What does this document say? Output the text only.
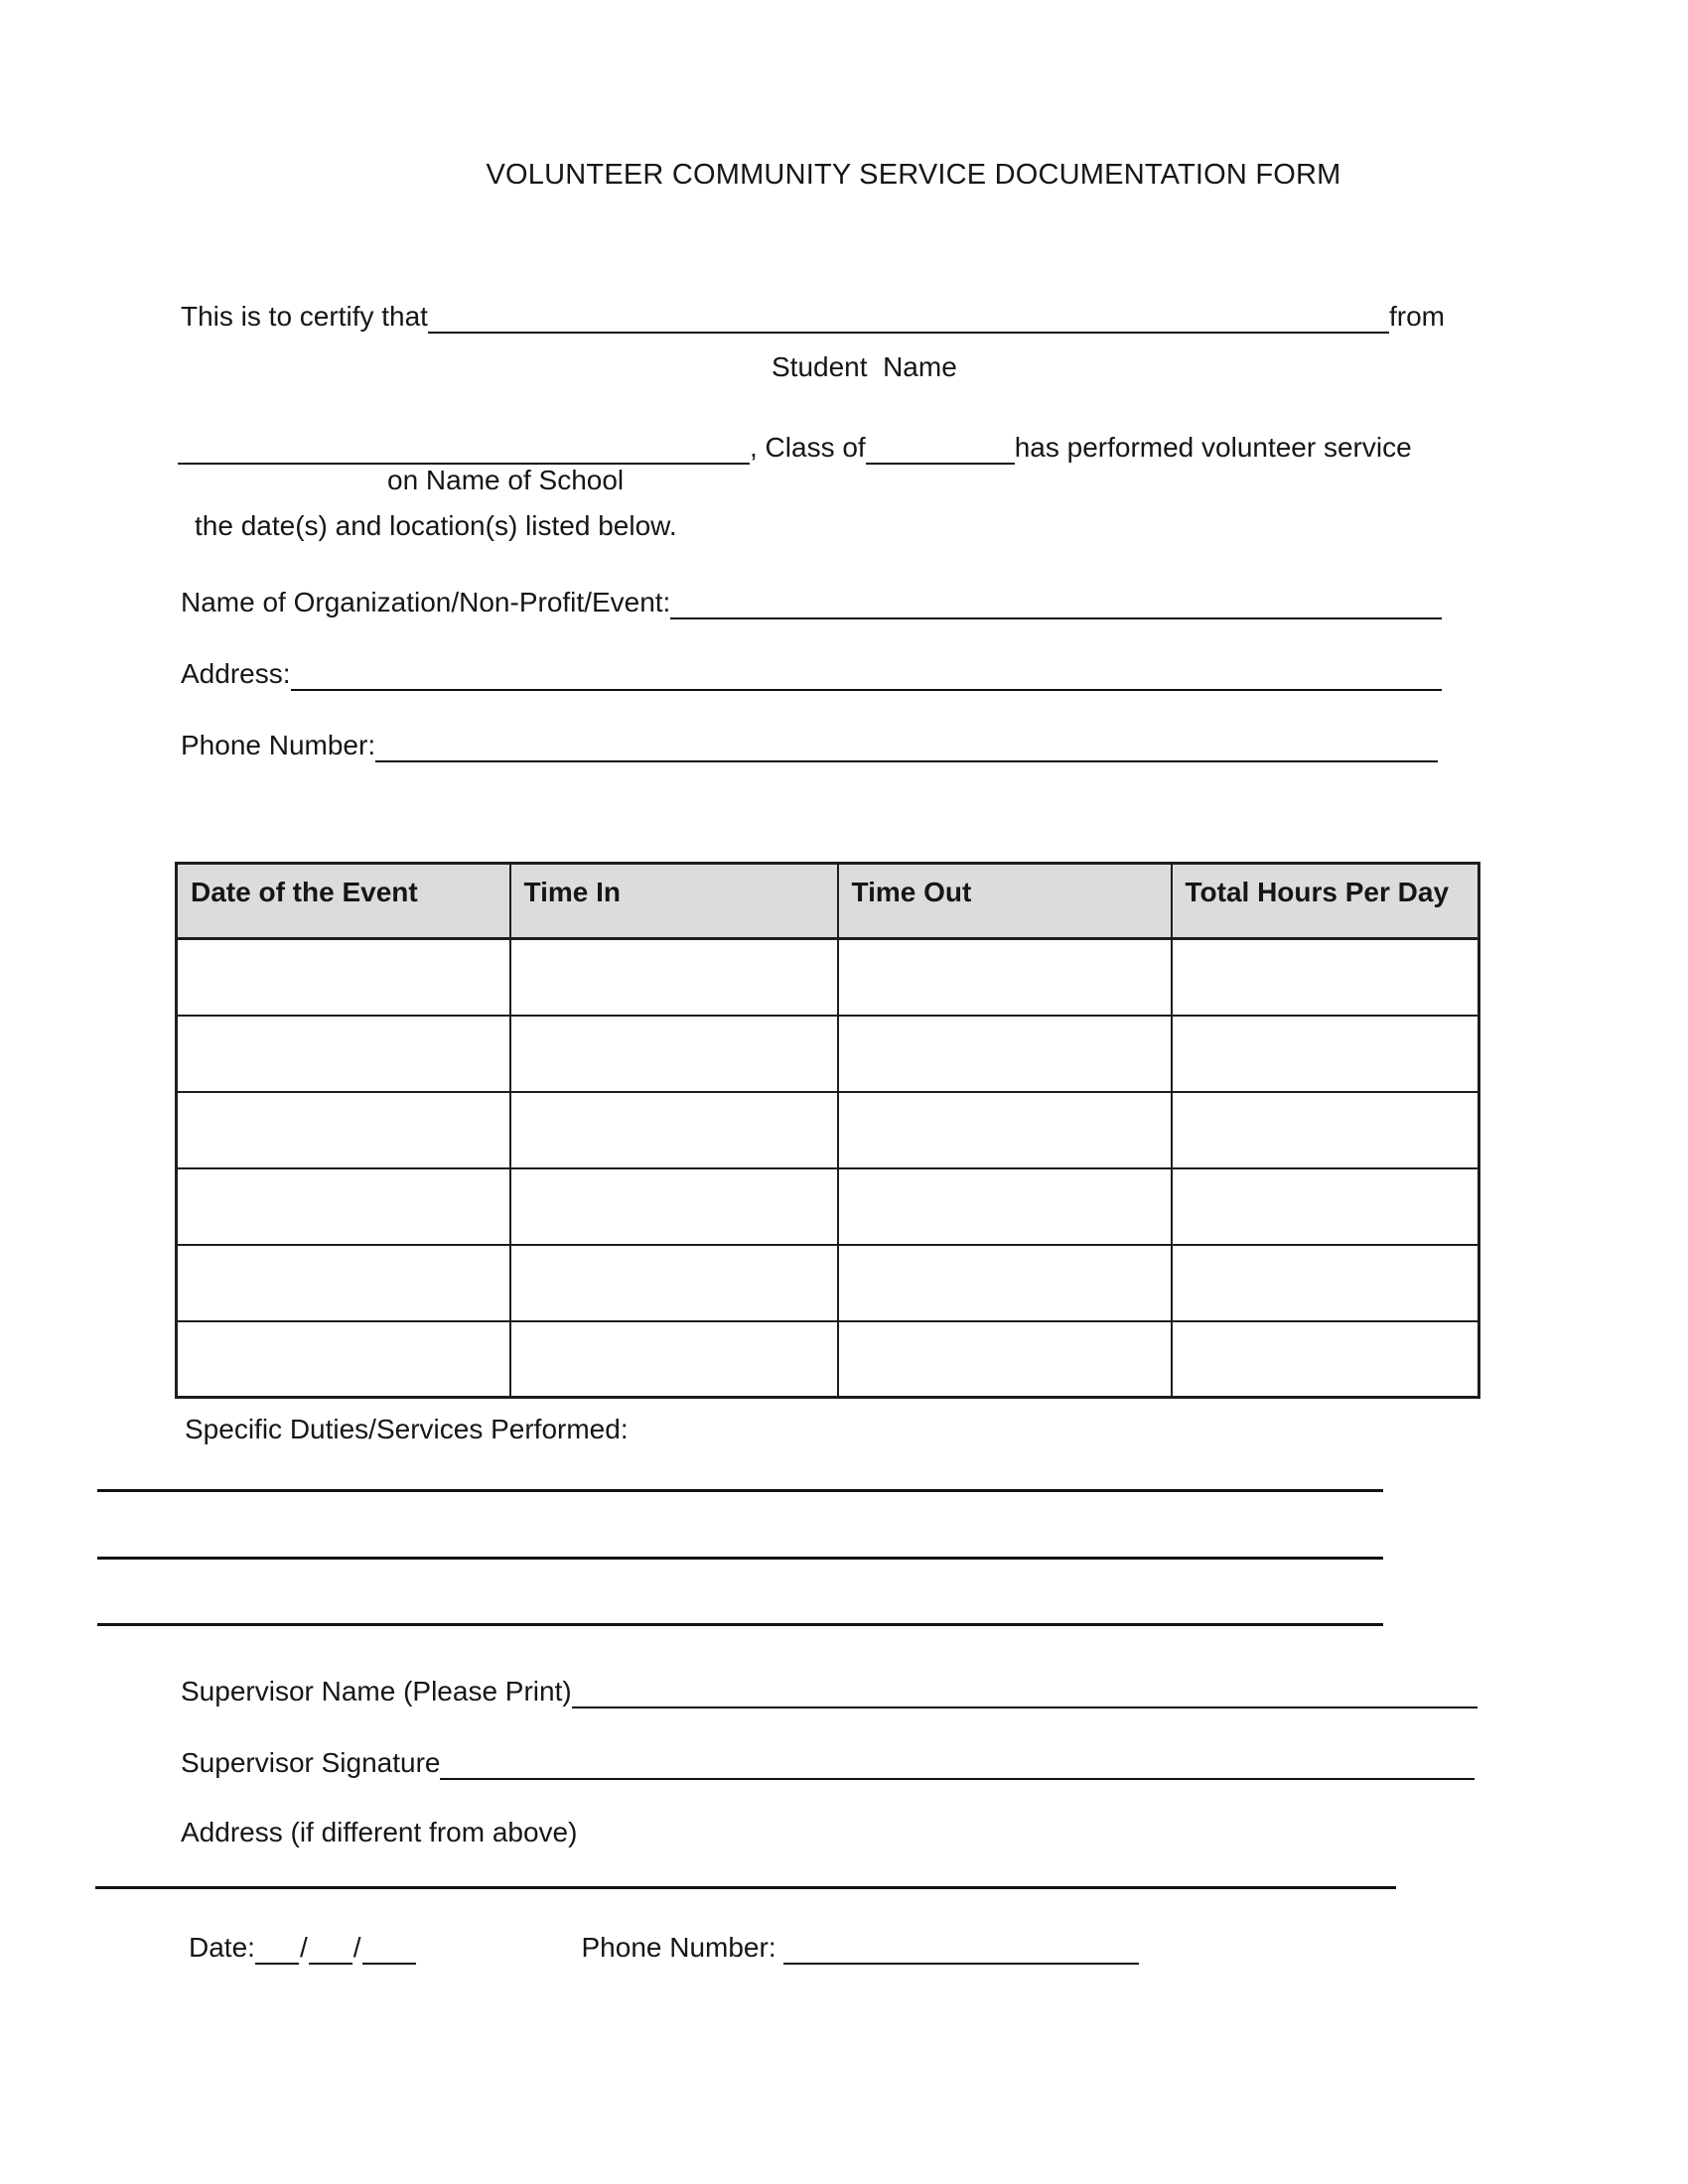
VOLUNTEER COMMUNITY SERVICE DOCUMENTATION FORM
This is to certify that	from
Student  Name
, Class of	has performed volunteer service
on Name of School
the date(s) and location(s) listed below.
Name of Organization/Non-Profit/Event:
Address:
Phone Number:
Date of the Event	Time In	Time Out	Total Hours Per Day

Specific Duties/Services Performed:
Supervisor Name (Please Print)
Supervisor Signature
Address (if different from above)
Date: / /	Phone Number:
